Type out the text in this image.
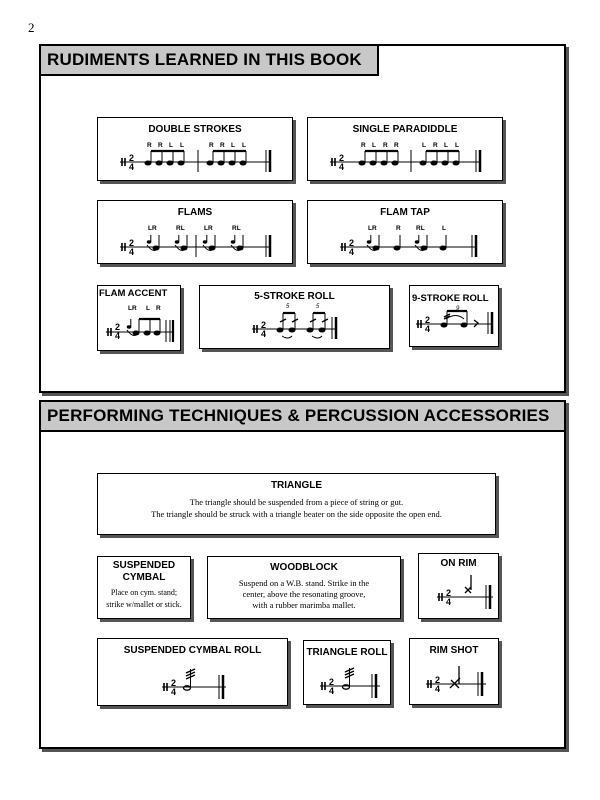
2
RUDIMENTS LEARNED IN THIS BOOK
DOUBLE STROKES
R R L L	R R L L
2
4
SINGLE PARADIDDLE
R L R R	L R L L
2
4
FLAMS
LR	RL	LR	RL
2
4
FLAM TAP
LR	R RL	L
2
4
FLAM ACCENT
LR L R
2
4
5-STROKE ROLL
2
4
5	5
9-STROKE ROLL
2
4
9
PERFORMING TECHNIQUES & PERCUSSION ACCESSORIES
TRIANGLE
The triangle should be suspended from a piece of string or gut.
The triangle should be struck with a triangle beater on the side opposite the open end.
SUSPENDED
CYMBAL
Place on cym. stand;
strike w/mallet or stick.
WOODBLOCK
Suspend on a W.B. stand. Strike in the
center, above the resonating groove,
with a rubber marimba mallet.
ON RIM
2
4
SUSPENDED CYMBAL ROLL
2
4
TRIANGLE ROLL
2
4
RIM SHOT
2
4
